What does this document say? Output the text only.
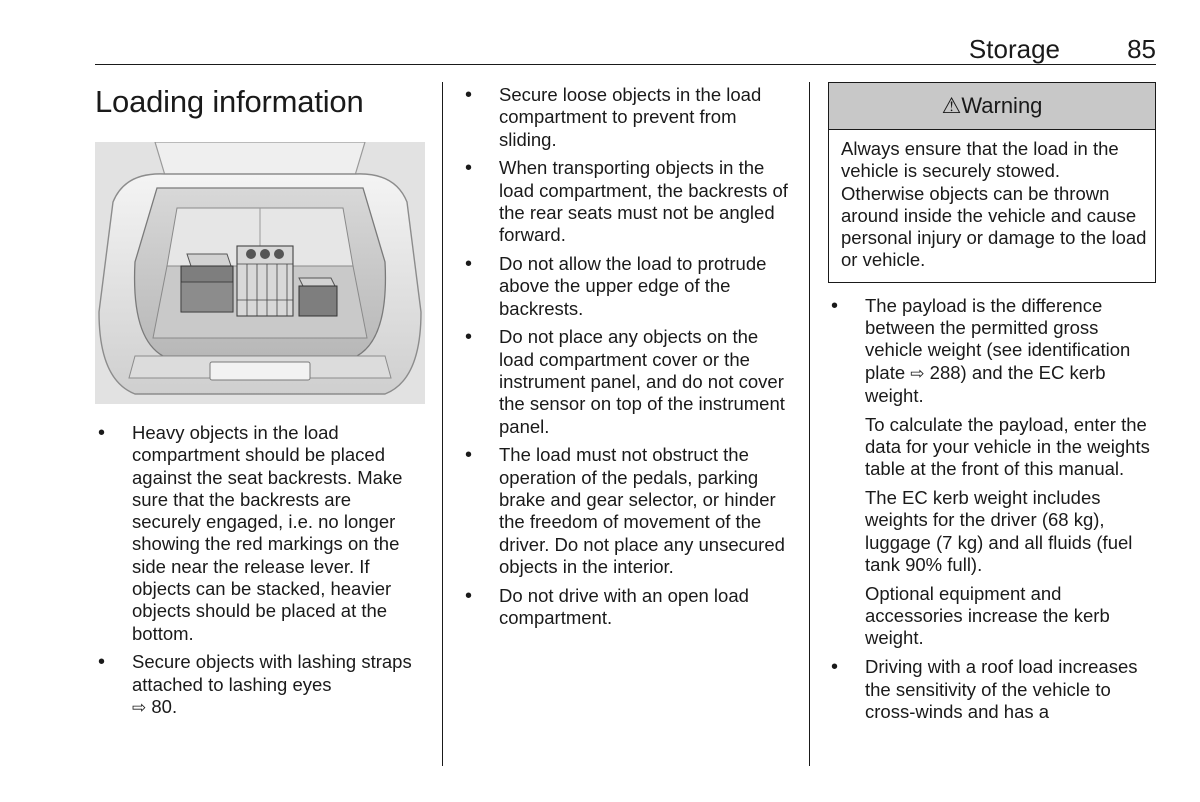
Storage	85
Loading information
• Heavy objects in the load compartment should be placed against the seat backrests. Make sure that the backrests are securely engaged, i.e. no longer showing the red markings on the side near the release lever. If objects can be stacked, heavier objects should be placed at the bottom.
• Secure objects with lashing straps attached to lashing eyes
⇨ 80.
• Secure loose objects in the load compartment to prevent from sliding.
• When transporting objects in the load compartment, the backrests of the rear seats must not be angled forward.
• Do not allow the load to protrude above the upper edge of the backrests.
• Do not place any objects on the load compartment cover or the instrument panel, and do not cover the sensor on top of the instrument panel.
• The load must not obstruct the operation of the pedals, parking brake and gear selector, or hinder the freedom of movement of the driver. Do not place any unsecured objects in the interior.
• Do not drive with an open load compartment.
⚠Warning
Always ensure that the load in the vehicle is securely stowed. Otherwise objects can be thrown around inside the vehicle and cause personal injury or damage to the load or vehicle.
• The payload is the difference between the permitted gross vehicle weight (see identification plate ⇨ 288) and the EC kerb weight.
To calculate the payload, enter the data for your vehicle in the weights table at the front of this manual.
The EC kerb weight includes weights for the driver (68 kg), luggage (7 kg) and all fluids (fuel tank 90% full).
Optional equipment and accessories increase the kerb weight.
• Driving with a roof load increases the sensitivity of the vehicle to cross-winds and has a
